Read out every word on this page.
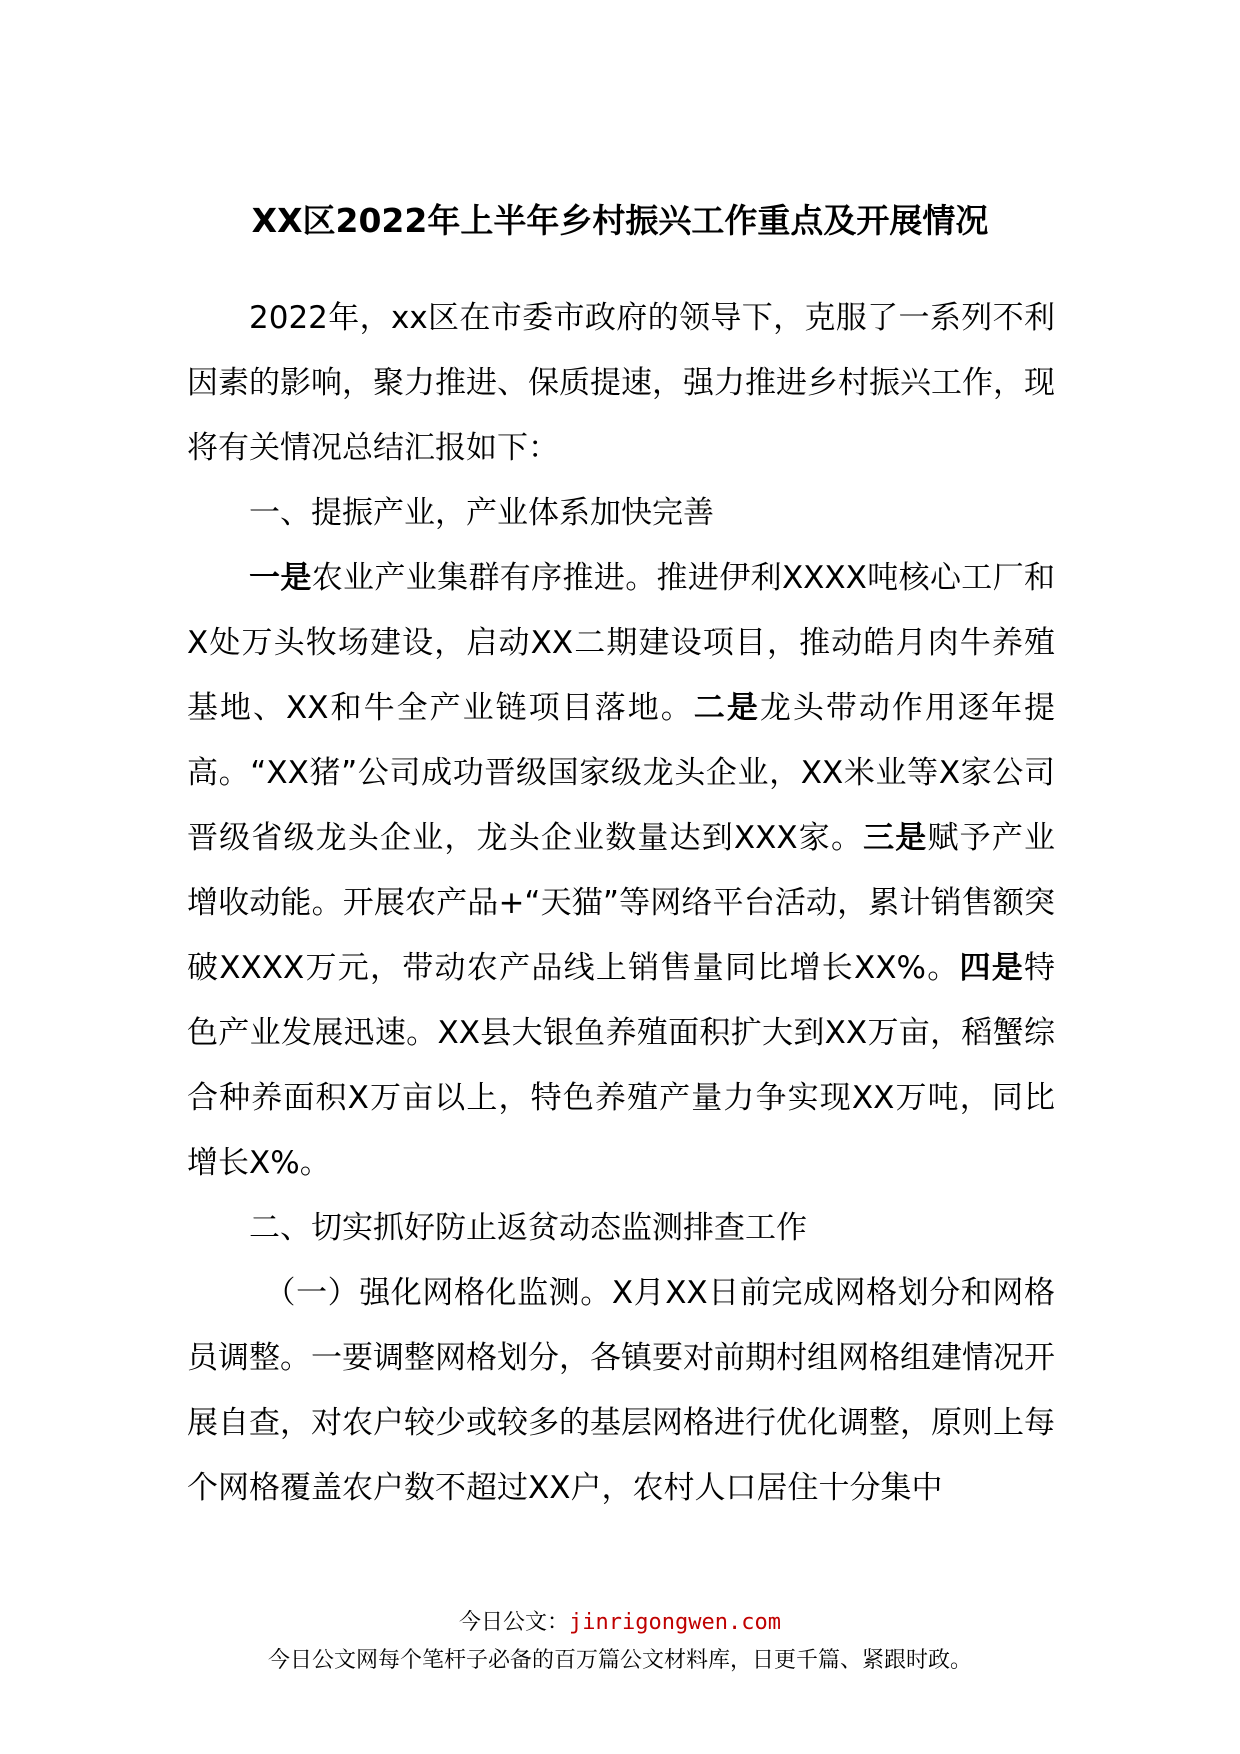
XX区2022年上半年乡村振兴工作重点及开展情况

2022年，xx区在市委市政府的领导下，克服了一系列不利因素的影响，聚力推进、保质提速，强力推进乡村振兴工作，现将有关情况总结汇报如下：

一、提振产业，产业体系加快完善

一是农业产业集群有序推进。推进伊利XXXX吨核心工厂和X处万头牧场建设，启动XX二期建设项目，推动皓月肉牛养殖基地、XX和牛全产业链项目落地。二是龙头带动作用逐年提高。“XX猪”公司成功晋级国家级龙头企业，XX米业等X家公司晋级省级龙头企业，龙头企业数量达到XXX家。三是赋予产业增收动能。开展农产品+“天猫”等网络平台活动，累计销售额突破XXXX万元，带动农产品线上销售量同比增长XX%。四是特色产业发展迅速。XX县大银鱼养殖面积扩大到XX万亩，稻蟹综合种养面积X万亩以上，特色养殖产量力争实现XX万吨，同比增长X%。

二、切实抓好防止返贫动态监测排查工作

（一）强化网格化监测。X月XX日前完成网格划分和网格员调整。一要调整网格划分，各镇要对前期村组网格组建情况开展自查，对农户较少或较多的基层网格进行优化调整，原则上每个网格覆盖农户数不超过XX户，农村人口居住十分集中

今日公文：jinrigongwen.com
今日公文网每个笔杆子必备的百万篇公文材料库，日更千篇、紧跟时政。
